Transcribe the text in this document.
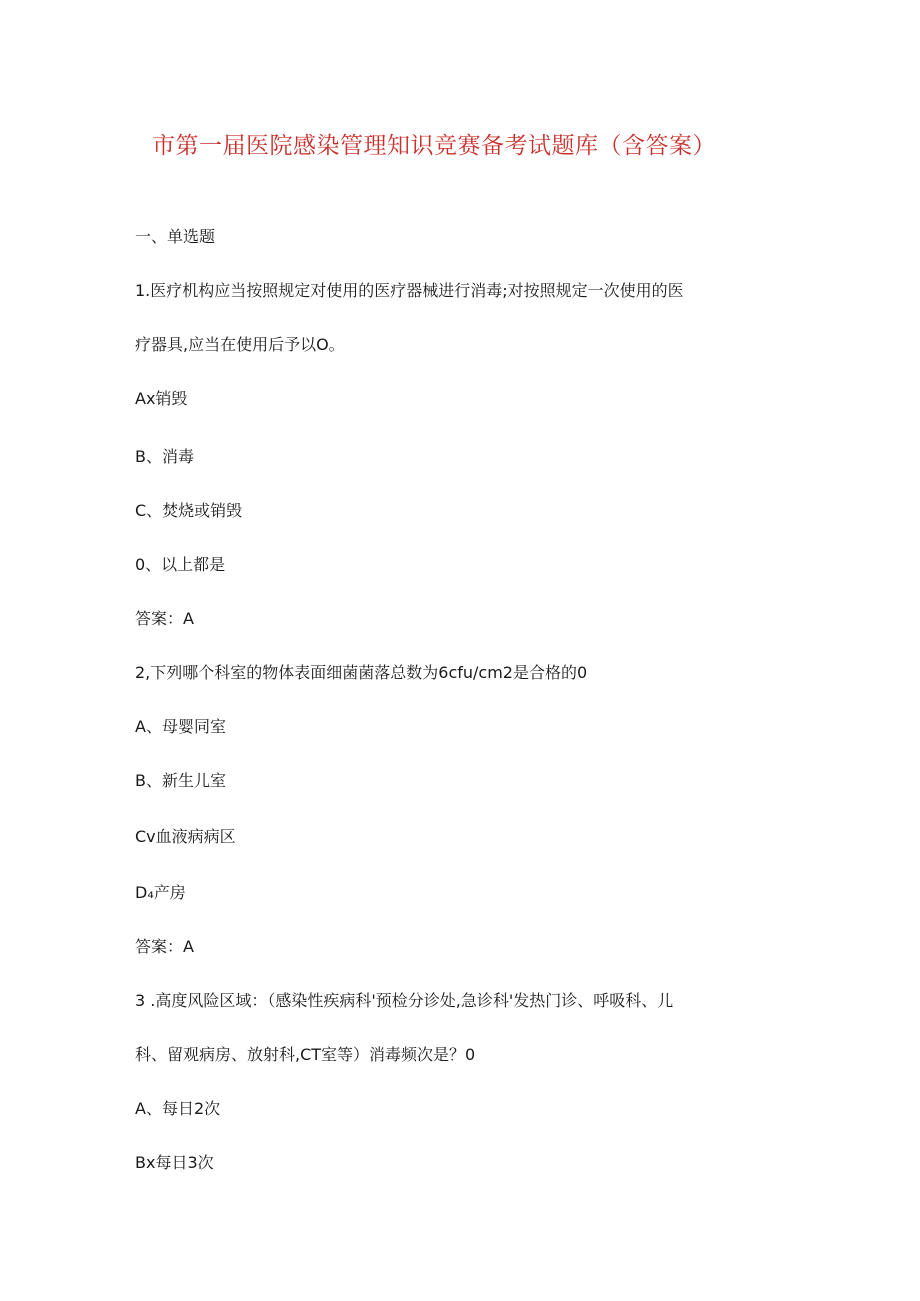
市第一届医院感染管理知识竞赛备考试题库（含答案）
一、单选题
1.医疗机构应当按照规定对使用的医疗器械进行消毒;对按照规定一次使用的医
疗器具,应当在使用后予以O。
Ax销毁
B、消毒
C、焚烧或销毁
0、以上都是
答案：A
2,下列哪个科室的物体表面细菌菌落总数为6cfu/cm2是合格的0
A、母婴同室
B、新生儿室
Cv血液病病区
D₄产房
答案：A
3 .高度风险区域：（感染性疾病科'预检分诊处,急诊科'发热门诊、呼吸科、儿
科、留观病房、放射科,CT室等）消毒频次是？0
A、每日2次
Bx每日3次
